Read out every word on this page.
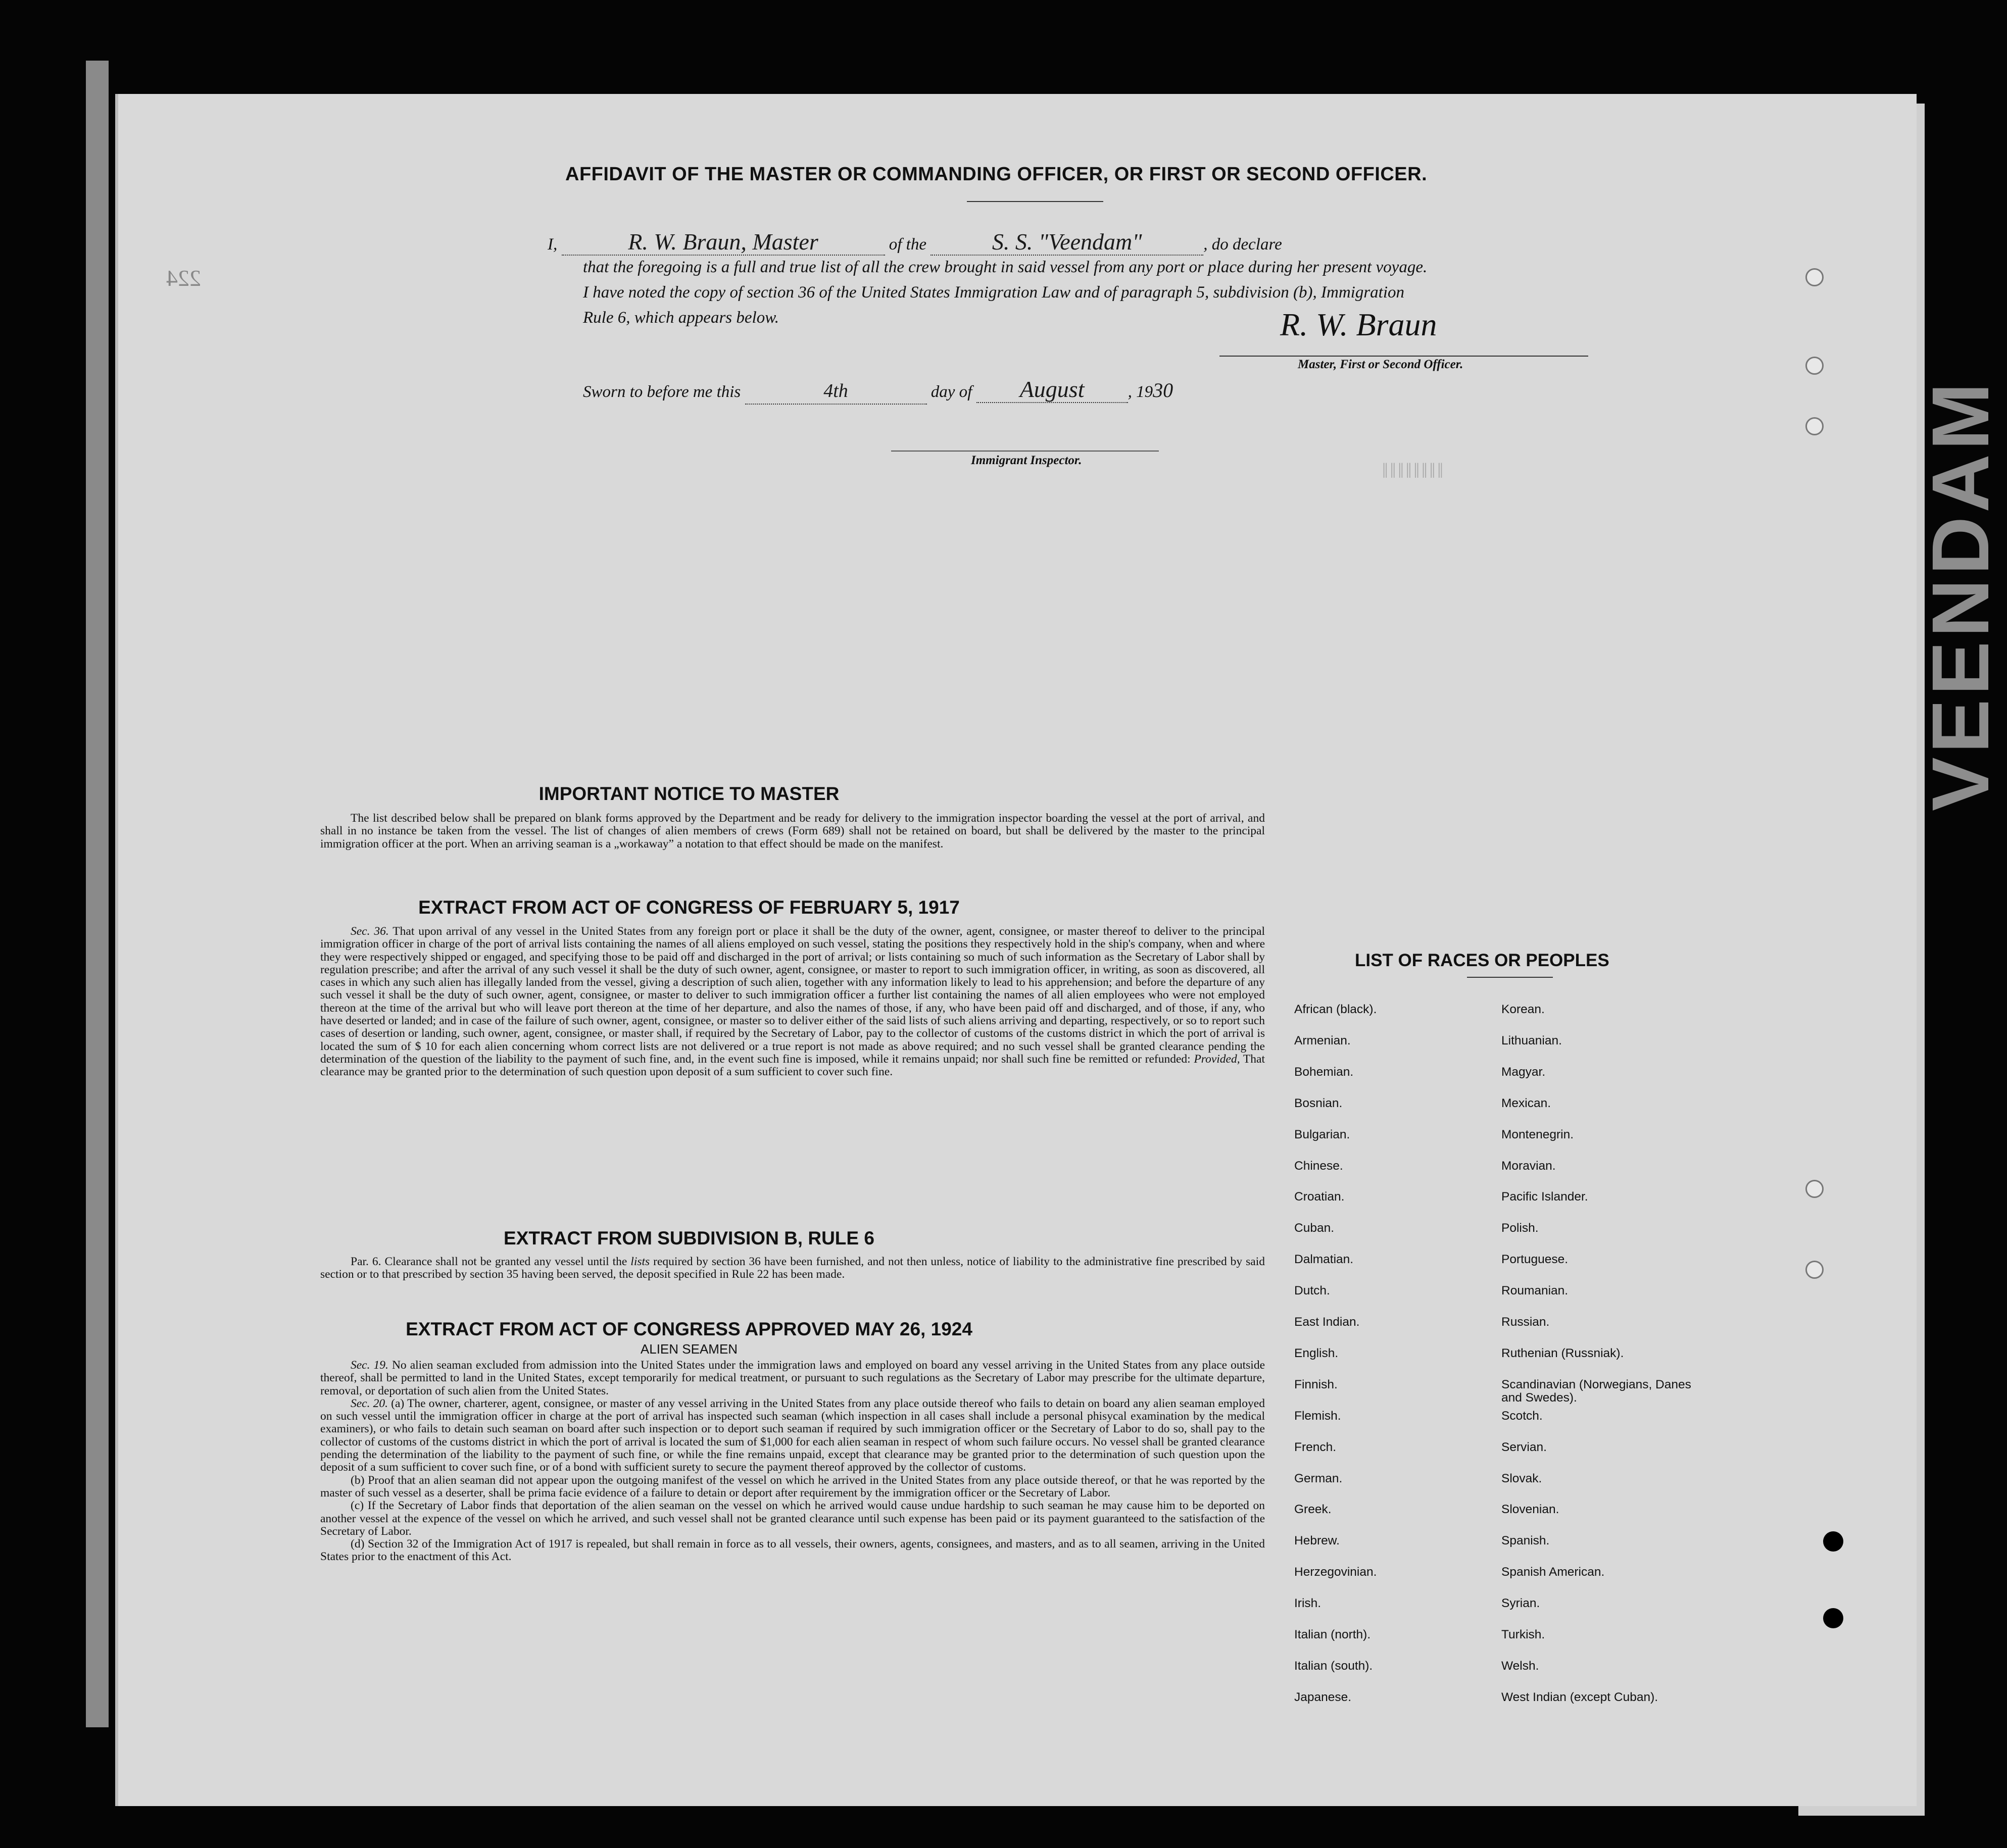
║║║║║║║║
224
AFFIDAVIT OF THE MASTER OR COMMANDING OFFICER, OR FIRST OR SECOND OFFICER.
I,	R. W. Braun, Master	of the	S. S. "Veendam"	, do declare
that the foregoing is a full and true list of all the crew brought in said vessel from any port or place during her present voyage.
I have noted the copy of section 36 of the United States Immigration Law and of paragraph 5, subdivision (b), Immigration
Rule 6, which appears below.	R. W. Braun
Master, First or Second Officer.
Sworn to before me this	4th	day of August	, 1930
Immigrant Inspector.
IMPORTANT NOTICE TO MASTER
The list described below shall be prepared on blank forms approved by the Department and be ready for delivery to the immigration inspector boarding the vessel at the port of arrival, and shall in no instance be taken from the vessel. The list of changes of alien members of crews (Form 689) shall not be retained on board, but shall be delivered by the master to the principal immigration officer at the port. When an arriving seaman is a „workaway” a notation to that effect should be made on the manifest.
EXTRACT FROM ACT OF CONGRESS OF FEBRUARY 5, 1917
Sec. 36. That upon arrival of any vessel in the United States from any foreign port or place it shall be the duty of the owner, agent, consignee, or master thereof to deliver to the principal immigration officer in charge of the port of arrival lists containing the names of all aliens employed on such vessel, stating the positions they respectively hold in the ship's company, when and where they were respectively shipped or engaged, and specifying those to be paid off and discharged in the port of arrival; or lists containing so much of such information as the Secretary of Labor shall by regulation prescribe; and after the arrival of any such vessel it shall be the duty of such owner, agent, consignee, or master to report to such immigration officer, in writing, as soon as discovered, all cases in which any such alien has illegally landed from the vessel, giving a description of such alien, together with any information likely to lead to his apprehension; and before the departure of any such vessel it shall be the duty of such owner, agent, consignee, or master to deliver to such immigration officer a further list containing the names of all alien employees who were not employed thereon at the time of the arrival but who will leave port thereon at the time of her departure, and also the names of those, if any, who have been paid off and discharged, and of those, if any, who have deserted or landed; and in case of the failure of such owner, agent, consignee, or master so to deliver either of the said lists of such aliens arriving and departing, respectively, or so to report such cases of desertion or landing, such owner, agent, consignee, or master shall, if required by the Secretary of Labor, pay to the collector of customs of the customs district in which the port of arrival is located the sum of $ 10 for each alien concerning whom correct lists are not delivered or a true report is not made as above required; and no such vessel shall be granted clearance pending the determination of the question of the liability to the payment of such fine, and, in the event such fine is imposed, while it remains unpaid; nor shall such fine be remitted or refunded: Provided, That clearance may be granted prior to the determination of such question upon deposit of a sum sufficient to cover such fine.
EXTRACT FROM SUBDIVISION B, RULE 6
Par. 6. Clearance shall not be granted any vessel until the lists required by section 36 have been furnished, and not then unless, notice of liability to the administrative fine prescribed by said section or to that prescribed by section 35 having been served, the deposit specified in Rule 22 has been made.
EXTRACT FROM ACT OF CONGRESS APPROVED MAY 26, 1924
ALIEN SEAMEN
Sec. 19. No alien seaman excluded from admission into the United States under the immigration laws and employed on board any vessel arriving in the United States from any place outside thereof, shall be permitted to land in the United States, except temporarily for medical treatment, or pursuant to such regulations as the Secretary of Labor may prescribe for the ultimate departure, removal, or deportation of such alien from the United States.
Sec. 20. (a) The owner, charterer, agent, consignee, or master of any vessel arriving in the United States from any place outside thereof who fails to detain on board any alien seaman employed on such vessel until the immigration officer in charge at the port of arrival has inspected such seaman (which inspection in all cases shall include a personal phisycal examination by the medical examiners), or who fails to detain such seaman on board after such inspection or to deport such seaman if required by such immigration officer or the Secretary of Labor to do so, shall pay to the collector of customs of the customs district in which the port of arrival is located the sum of $1,000 for each alien seaman in respect of whom such failure occurs. No vessel shall be granted clearance pending the determination of the liability to the payment of such fine, or while the fine remains unpaid, except that clearance may be granted prior to the determination of such question upon the deposit of a sum sufficient to cover such fine, or of a bond with sufficient surety to secure the payment thereof approved by the collector of customs.
(b) Proof that an alien seaman did not appear upon the outgoing manifest of the vessel on which he arrived in the United States from any place outside thereof, or that he was reported by the master of such vessel as a deserter, shall be prima facie evidence of a failure to detain or deport after requirement by the immigration officer or the Secretary of Labor.
(c) If the Secretary of Labor finds that deportation of the alien seaman on the vessel on which he arrived would cause undue hardship to such seaman he may cause him to be deported on another vessel at the expence of the vessel on which he arrived, and such vessel shall not be granted clearance until such expense has been paid or its payment guaranteed to the satisfaction of the Secretary of Labor.
(d) Section 32 of the Immigration Act of 1917 is repealed, but shall remain in force as to all vessels, their owners, agents, consignees, and masters, and as to all seamen, arriving in the United States prior to the enactment of this Act.
LIST OF RACES OR PEOPLES
African (black).
Armenian.
Bohemian.
Bosnian.
Bulgarian.
Chinese.
Croatian.
Cuban.
Dalmatian.
Dutch.
East Indian.
English.
Finnish.
Flemish.
French.
German.
Greek.
Hebrew.
Herzegovinian.
Irish.
Italian (north).
Italian (south).
Japanese.
Korean.
Lithuanian.
Magyar.
Mexican.
Montenegrin.
Moravian.
Pacific Islander.
Polish.
Portuguese.
Roumanian.
Russian.
Ruthenian (Russniak).
Scandinavian (Norwegians, Danes and Swedes).
Scotch.
Servian.
Slovak.
Slovenian.
Spanish.
Spanish American.
Syrian.
Turkish.
Welsh.
West Indian (except Cuban).
VEENDAM
